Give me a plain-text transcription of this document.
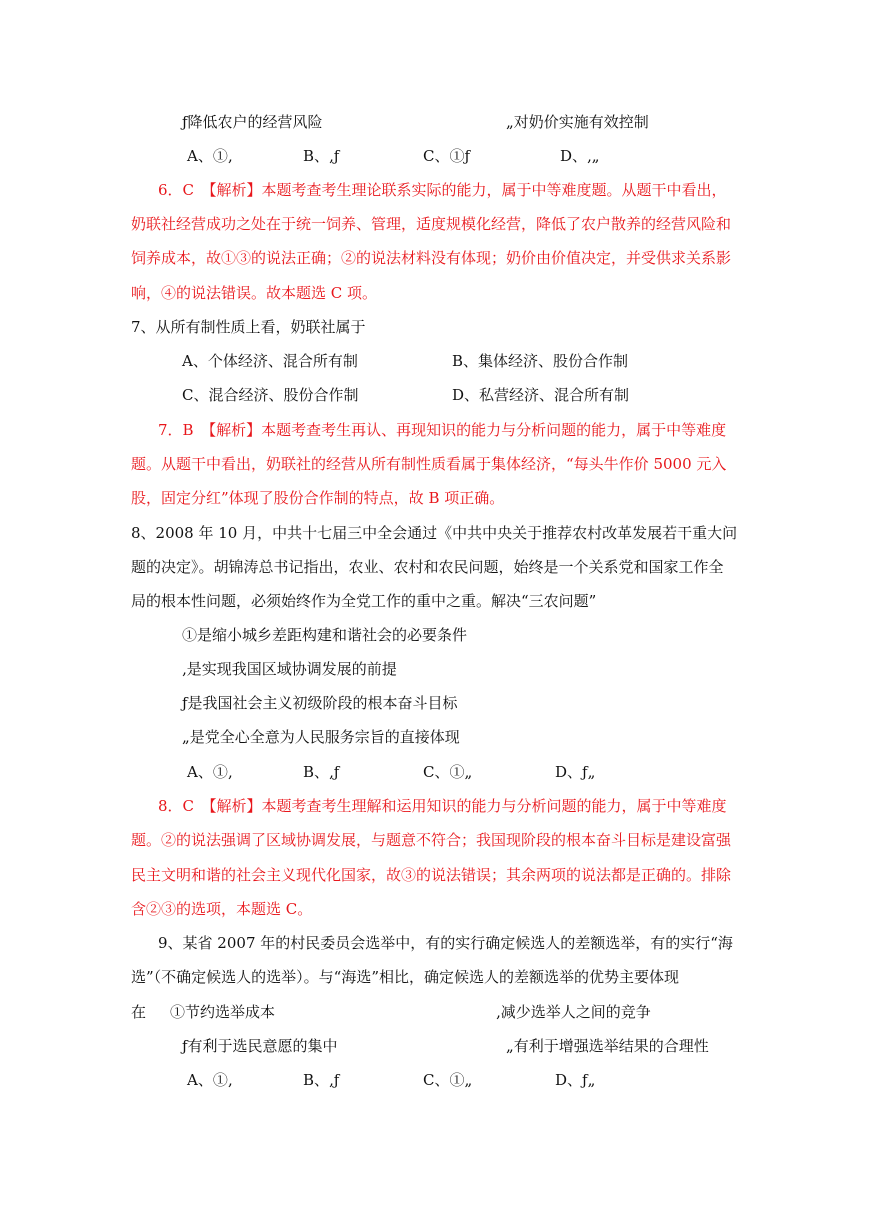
ƒ降低农户的经营风险	„对奶价实施有效控制
A、①‚	B、‚ƒ	C、①ƒ	D、‚„
6．C　【解析】本题考查考生理论联系实际的能力，属于中等难度题。从题干中看出，
奶联社经营成功之处在于统一饲养、管理，适度规模化经营，降低了农户散养的经营风险和
饲养成本，故①③的说法正确；②的说法材料没有体现；奶价由价值决定，并受供求关系影
响，④的说法错误。故本题选 C 项。
7、从所有制性质上看，奶联社属于
A、个体经济、混合所有制	B、集体经济、股份合作制
C、混合经济、股份合作制	D、私营经济、混合所有制
7．B　【解析】本题考查考生再认、再现知识的能力与分析问题的能力，属于中等难度
题。从题干中看出，奶联社的经营从所有制性质看属于集体经济，“每头牛作价 5000 元入
股，固定分红”体现了股份合作制的特点，故 B 项正确。
8、2008 年 10 月，中共十七届三中全会通过《中共中央关于推荐农村改革发展若干重大问
题的决定》。胡锦涛总书记指出，农业、农村和农民问题，始终是一个关系党和国家工作全
局的根本性问题，必须始终作为全党工作的重中之重。解决“三农问题”
①是缩小城乡差距构建和谐社会的必要条件
‚是实现我国区域协调发展的前提
ƒ是我国社会主义初级阶段的根本奋斗目标
„是党全心全意为人民服务宗旨的直接体现
A、①‚	B、‚ƒ	C、①„	D、ƒ„
8．C　【解析】本题考查考生理解和运用知识的能力与分析问题的能力，属于中等难度
题。②的说法强调了区域协调发展，与题意不符合；我国现阶段的根本奋斗目标是建设富强
民主文明和谐的社会主义现代化国家，故③的说法错误；其余两项的说法都是正确的。排除
含②③的选项，本题选 C。
9、某省 2007 年的村民委员会选举中，有的实行确定候选人的差额选举，有的实行“海
选”（不确定候选人的选举）。与“海选”相比，确定候选人的差额选举的优势主要体现
在 ①节约选举成本	‚减少选举人之间的竞争
ƒ有利于选民意愿的集中	„有利于增强选举结果的合理性
A、①‚	B、‚ƒ	C、①„	D、ƒ„
